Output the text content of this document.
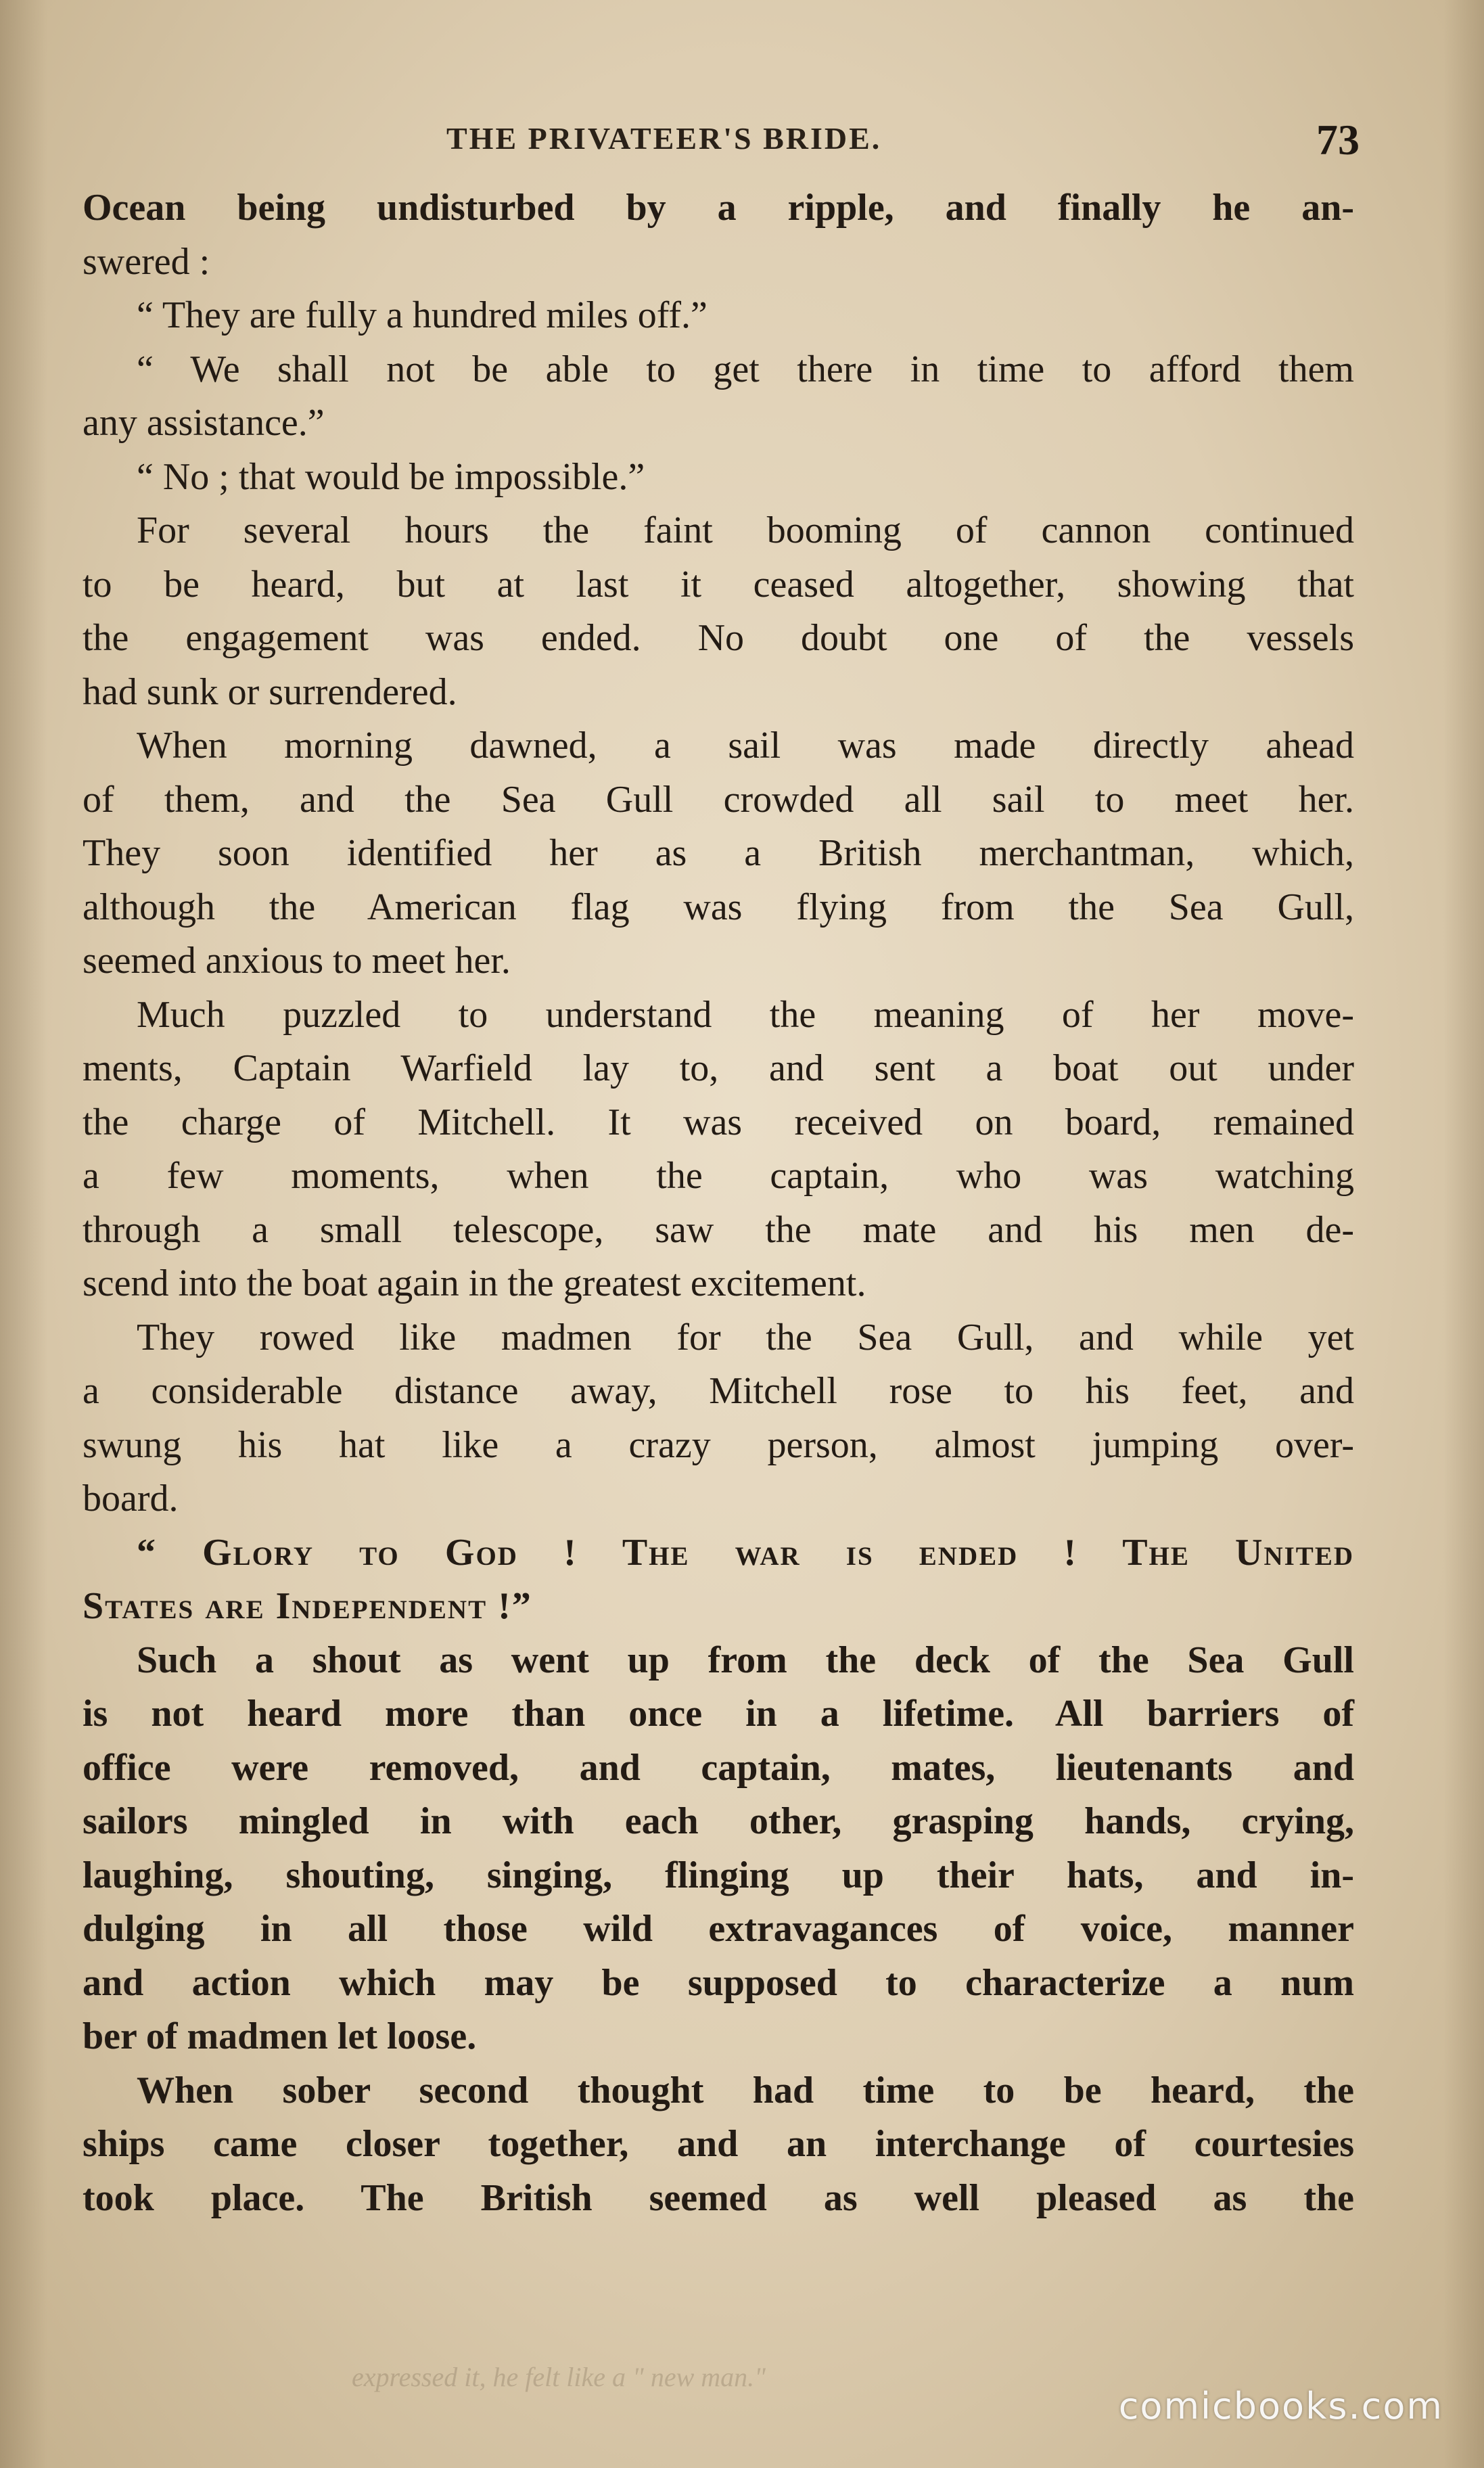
THE PRIVATEER'S BRIDE.	73
Ocean being undisturbed by a ripple, and finally he an-
swered :
“ They are fully a hundred miles off.”
“ We shall not be able to get there in time to afford them
any assistance.”
“ No ; that would be impossible.”
For several hours the faint booming of cannon continued
to be heard, but at last it ceased altogether, showing that
the engagement was ended. No doubt one of the vessels
had sunk or surrendered.
When morning dawned, a sail was made directly ahead
of them, and the Sea Gull crowded all sail to meet her.
They soon identified her as a British merchantman, which,
although the American flag was flying from the Sea Gull,
seemed anxious to meet her.
Much puzzled to understand the meaning of her move-
ments, Captain Warfield lay to, and sent a boat out under
the charge of Mitchell. It was received on board, remained
a few moments, when the captain, who was watching
through a small telescope, saw the mate and his men de-
scend into the boat again in the greatest excitement.
They rowed like madmen for the Sea Gull, and while yet
a considerable distance away, Mitchell rose to his feet, and
swung his hat like a crazy person, almost jumping over-
board.
“ Glory to God ! The war is ended ! The United
States are Independent !”
Such a shout as went up from the deck of the Sea Gull
is not heard more than once in a lifetime. All barriers of
office were removed, and captain, mates, lieutenants and
sailors mingled in with each other, grasping hands, crying,
laughing, shouting, singing, flinging up their hats, and in-
dulging in all those wild extravagances of voice, manner
and action which may be supposed to characterize a num
ber of madmen let loose.
When sober second thought had time to be heard, the
ships came closer together, and an interchange of courtesies
took place. The British seemed as well pleased as the
expressed it, he felt like a " new man."
comicbooks.com
